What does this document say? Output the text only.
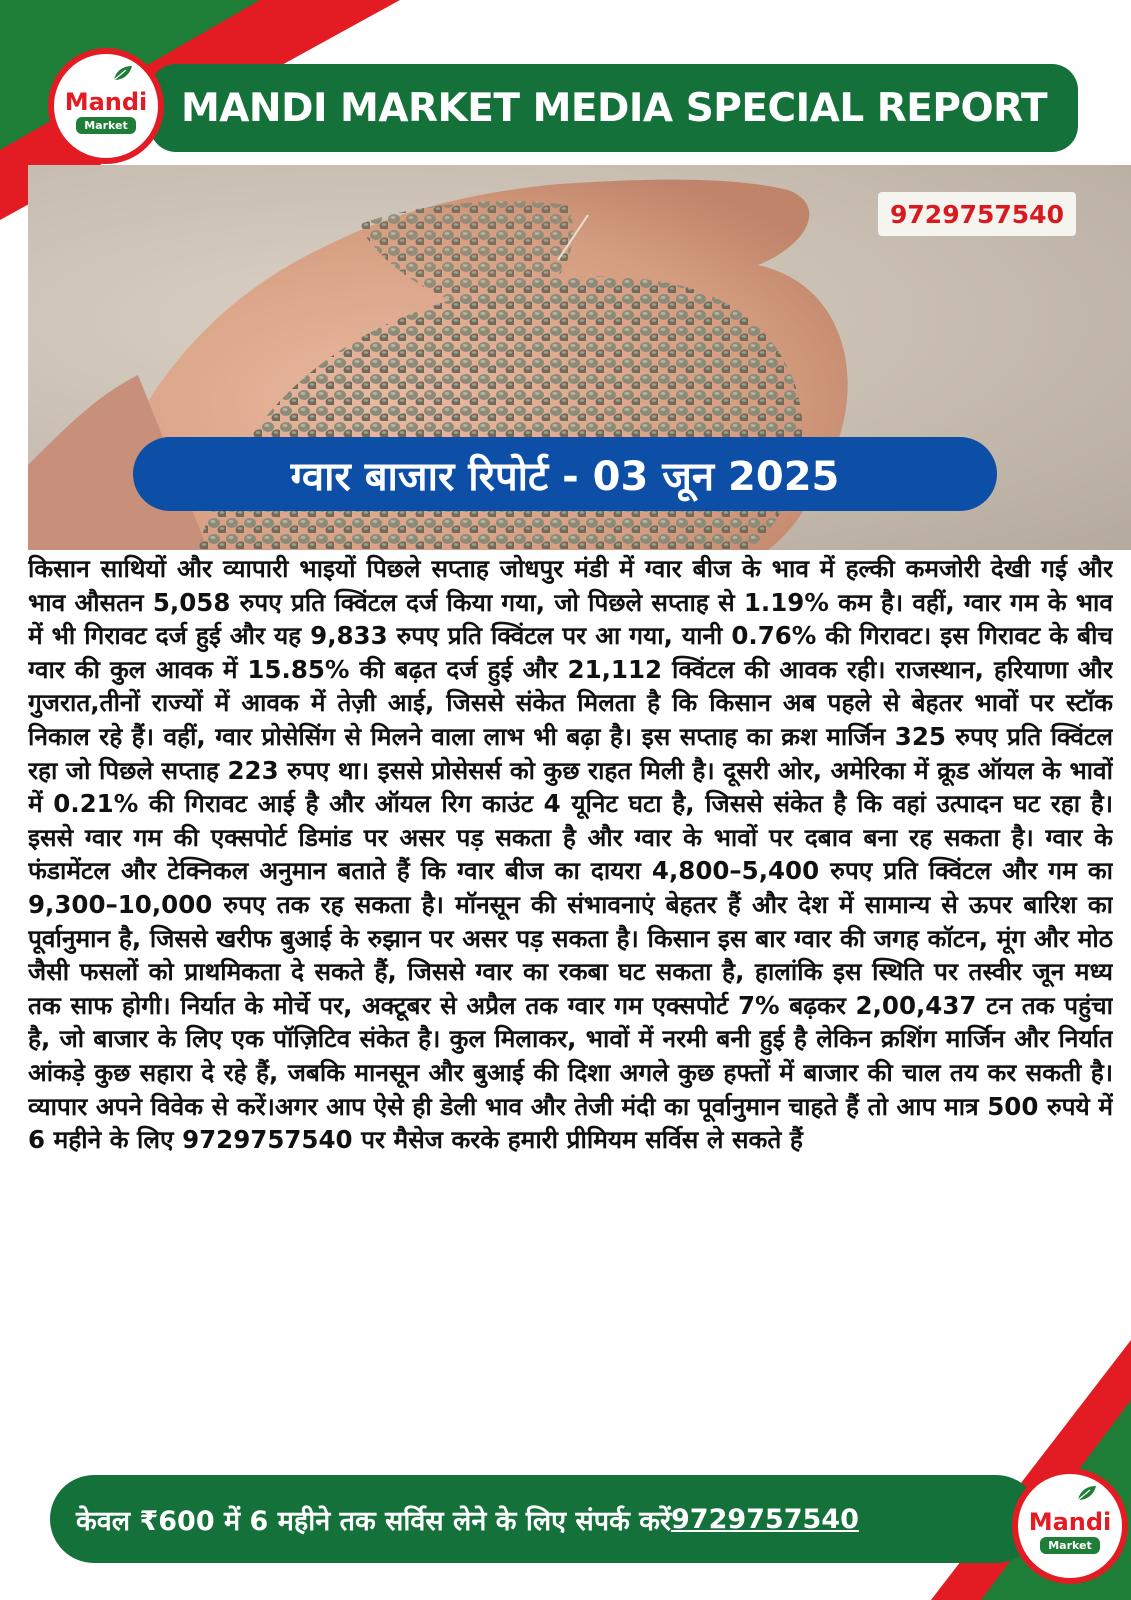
MANDI MARKET MEDIA SPECIAL REPORT
Mandi
Market
9729757540
ग्वार बाजार रिपोर्ट - 03 जून 2025

किसान साथियों और व्यापारी भाइयों पिछले सप्ताह जोधपुर मंडी में ग्वार बीज के भाव में हल्की कमजोरी देखी गई और भाव औसतन 5,058 रुपए प्रति क्विंटल दर्ज किया गया, जो पिछले सप्ताह से 1.19% कम है। वहीं, ग्वार गम के भाव में भी गिरावट दर्ज हुई और यह 9,833 रुपए प्रति क्विंटल पर आ गया, यानी 0.76% की गिरावट। इस गिरावट के बीच ग्वार की कुल आवक में 15.85% की बढ़त दर्ज हुई और 21,112 क्विंटल की आवक रही। राजस्थान, हरियाणा और गुजरात,तीनों राज्यों में आवक में तेज़ी आई, जिससे संकेत मिलता है कि किसान अब पहले से बेहतर भावों पर स्टॉक निकाल रहे हैं। वहीं, ग्वार प्रोसेसिंग से मिलने वाला लाभ भी बढ़ा है। इस सप्ताह का क्रश मार्जिन 325 रुपए प्रति क्विंटल रहा जो पिछले सप्ताह 223 रुपए था। इससे प्रोसेसर्स को कुछ राहत मिली है। दूसरी ओर, अमेरिका में क्रूड ऑयल के भावों में 0.21% की गिरावट आई है और ऑयल रिग काउंट 4 यूनिट घटा है, जिससे संकेत है कि वहां उत्पादन घट रहा है। इससे ग्वार गम की एक्सपोर्ट डिमांड पर असर पड़ सकता है और ग्वार के भावों पर दबाव बना रह सकता है। ग्वार के फंडामेंटल और टेक्निकल अनुमान बताते हैं कि ग्वार बीज का दायरा 4,800–5,400 रुपए प्रति क्विंटल और गम का 9,300–10,000 रुपए तक रह सकता है। मॉनसून की संभावनाएं बेहतर हैं और देश में सामान्य से ऊपर बारिश का पूर्वानुमान है, जिससे खरीफ बुआई के रुझान पर असर पड़ सकता है। किसान इस बार ग्वार की जगह कॉटन, मूंग और मोठ जैसी फसलों को प्राथमिकता दे सकते हैं, जिससे ग्वार का रकबा घट सकता है, हालांकि इस स्थिति पर तस्वीर जून मध्य तक साफ होगी। निर्यात के मोर्चे पर, अक्टूबर से अप्रैल तक ग्वार गम एक्सपोर्ट 7% बढ़कर 2,00,437 टन तक पहुंचा है, जो बाजार के लिए एक पॉज़िटिव संकेत है। कुल मिलाकर, भावों में नरमी बनी हुई है लेकिन क्रशिंग मार्जिन और निर्यात आंकड़े कुछ सहारा दे रहे हैं, जबकि मानसून और बुआई की दिशा अगले कुछ हफ्तों में बाजार की चाल तय कर सकती है। व्यापार अपने विवेक से करें।अगर आप ऐसे ही डेली भाव और तेजी मंदी का पूर्वानुमान चाहते हैं तो आप मात्र 500 रुपये में 6 महीने के लिए 9729757540 पर मैसेज करके हमारी प्रीमियम सर्विस ले सकते हैं

केवल ₹600 में 6 महीने तक सर्विस लेने के लिए संपर्क करें 9729757540	Mandi
Market
